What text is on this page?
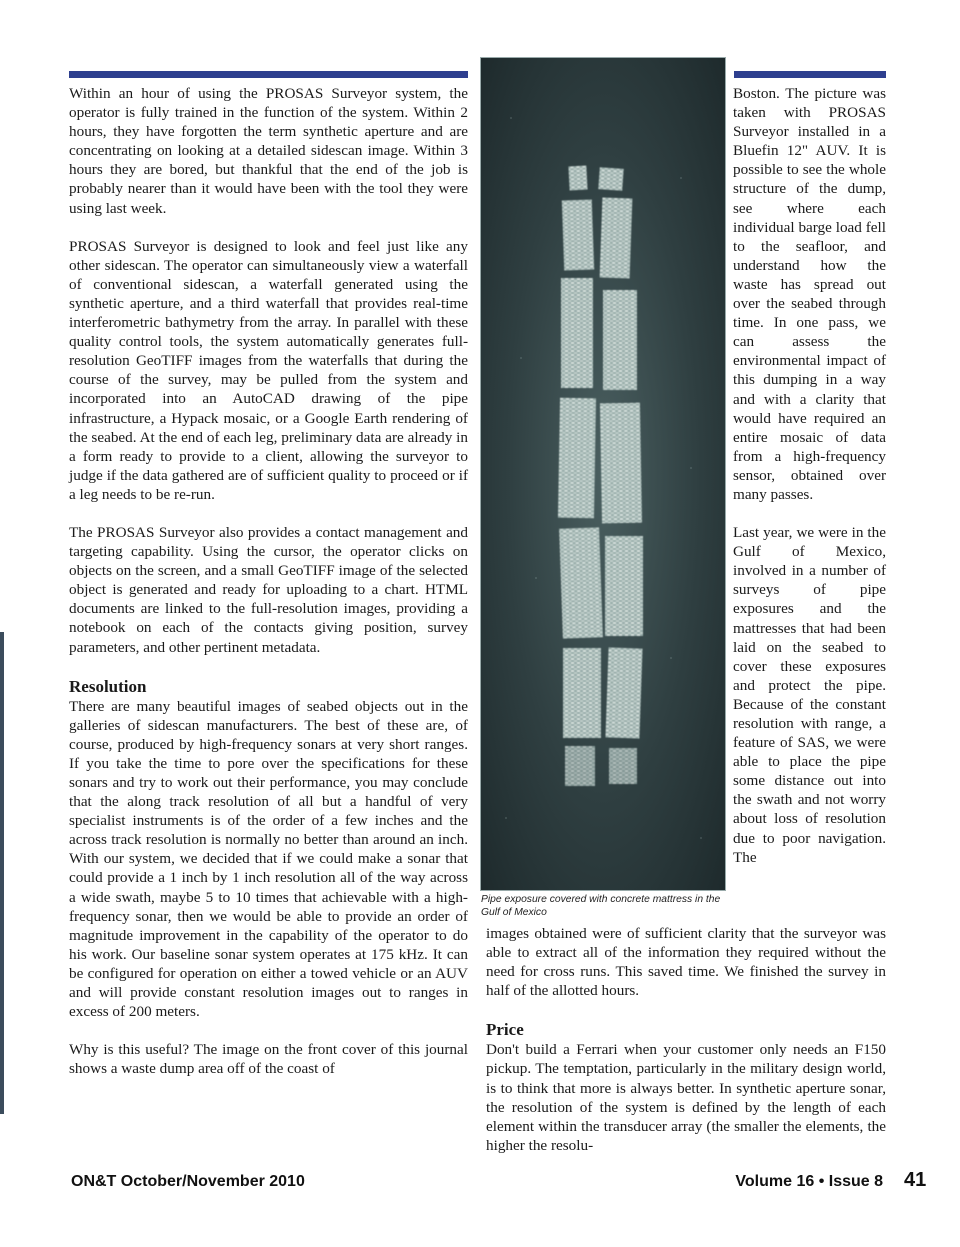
Within an hour of using the PROSAS Surveyor system, the operator is fully trained in the function of the system. Within 2 hours, they have forgotten the term synthetic aperture and are concentrating on looking at a detailed sidescan image. Within 3 hours they are bored, but thankful that the end of the job is probably nearer than it would have been with the tool they were using last week.

PROSAS Surveyor is designed to look and feel just like any other sidescan. The operator can simultaneously view a waterfall of conventional sidescan, a waterfall generated using the synthetic aperture, and a third waterfall that provides real-time interferometric bathymetry from the array. In parallel with these quality control tools, the system automatically generates full-resolution GeoTIFF images from the waterfalls that during the course of the survey, may be pulled from the system and incorporated into an AutoCAD drawing of the pipe infrastructure, a Hypack mosaic, or a Google Earth rendering of the seabed. At the end of each leg, preliminary data are already in a form ready to provide to a client, allowing the surveyor to judge if the data gathered are of sufficient quality to proceed or if a leg needs to be re-run.

The PROSAS Surveyor also provides a contact management and targeting capability. Using the cursor, the operator clicks on objects on the screen, and a small GeoTIFF image of the selected object is generated and ready for uploading to a chart. HTML documents are linked to the full-resolution images, providing a notebook on each of the contacts giving position, survey parameters, and other pertinent metadata.

Resolution

There are many beautiful images of seabed objects out in the galleries of sidescan manufacturers. The best of these are, of course, produced by high-frequency sonars at very short ranges. If you take the time to pore over the specifications for these sonars and try to work out their performance, you may conclude that the along track resolution of all but a handful of very specialist instruments is of the order of a few inches and the across track resolution is normally no better than around an inch. With our system, we decided that if we could make a sonar that could provide a 1 inch by 1 inch resolution all of the way across a wide swath, maybe 5 to 10 times that achievable with a high-frequency sonar, then we would be able to provide an order of magnitude improvement in the capability of the operator to do his work. Our baseline sonar system operates at 175 kHz. It can be configured for operation on either a towed vehicle or an AUV and will provide constant resolution images out to ranges in excess of 200 meters.

Why is this useful? The image on the front cover of this journal shows a waste dump area off of the coast of

Pipe exposure covered with concrete mattress in the Gulf of Mexico

Boston. The picture was taken with PROSAS Surveyor installed in a Bluefin 12" AUV. It is possible to see the whole structure of the dump, see where each individual barge load fell to the seafloor, and understand how the waste has spread out over the seabed through time. In one pass, we can assess the environmental impact of this dumping in a way and with a clarity that would have required an entire mosaic of data from a high-frequency sensor, obtained over many passes.

Last year, we were in the Gulf of Mexico, involved in a number of surveys of pipe exposures and the mattresses that had been laid on the seabed to cover these exposures and protect the pipe. Because of the constant resolution with range, a feature of SAS, we were able to place the pipe some distance out into the swath and not worry about loss of resolution due to poor navigation. The

images obtained were of sufficient clarity that the surveyor was able to extract all of the information they required without the need for cross runs. This saved time. We finished the survey in half of the allotted hours.

Price

Don't build a Ferrari when your customer only needs an F150 pickup. The temptation, particularly in the military design world, is to think that more is always better. In synthetic aperture sonar, the resolution of the system is defined by the length of each element within the transducer array (the smaller the elements, the higher the resolu-

ON&T October/November 2010	Volume 16 • Issue 8 41
